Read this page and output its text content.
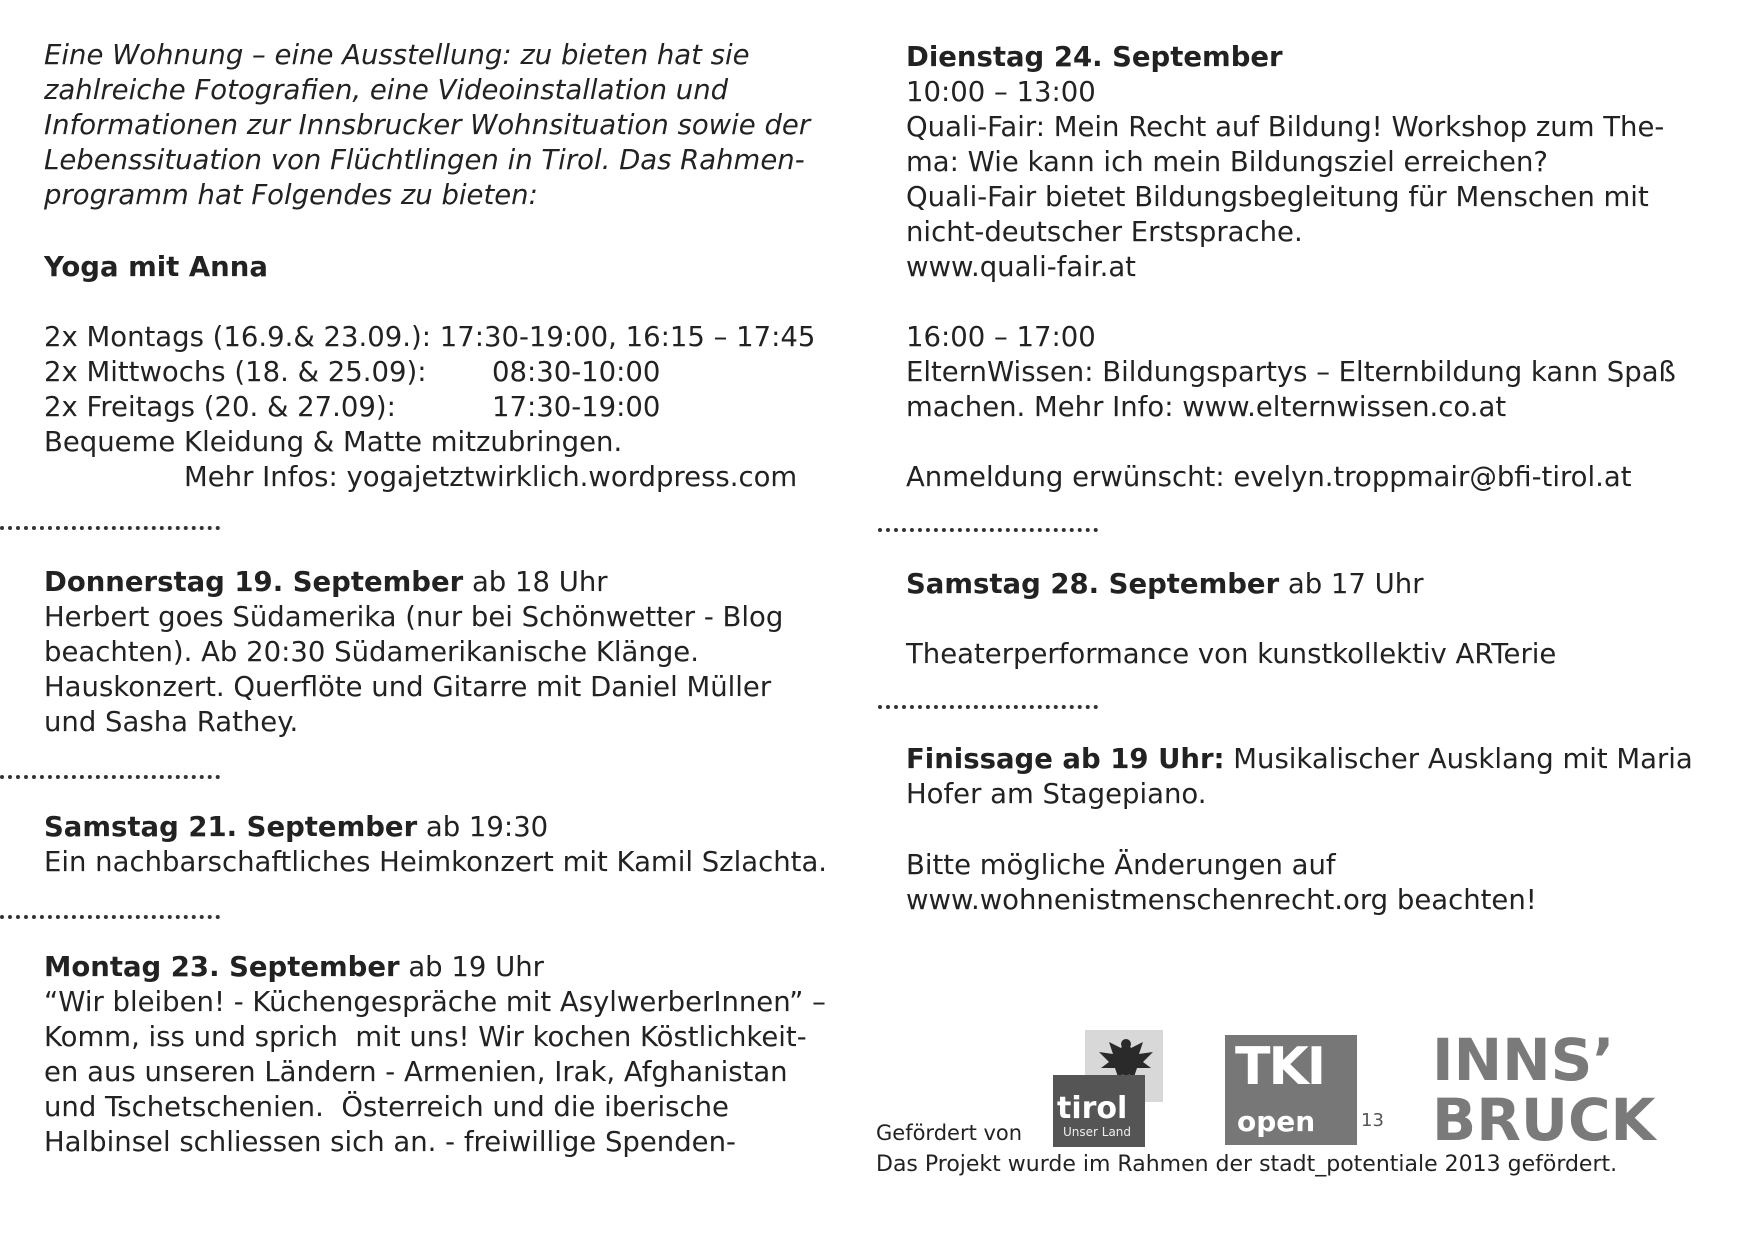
Eine Wohnung – eine Ausstellung: zu bieten hat sie
zahlreiche Fotografien, eine Videoinstallation und
Informationen zur Innsbrucker Wohnsituation sowie der
Lebenssituation von Flüchtlingen in Tirol. Das Rahmen-
programm hat Folgendes zu bieten:
Yoga mit Anna

2x Montags (16.9.& 23.09.): 17:30-19:00, 16:15 – 17:45

2x Mittwochs (18. & 25.09):

08:30-10:00

2x Freitags (20. & 27.09):

	17:30-19:00

Bequeme Kleidung & Matte mitzubringen.
Mehr Infos: yogajetztwirklich.wordpress.com
Donnerstag 19. September ab 18 Uhr
Herbert goes Südamerika (nur bei Schönwetter - Blog
beachten). Ab 20:30 Südamerikanische Klänge.
Hauskonzert. Querflöte und Gitarre mit Daniel Müller
und Sasha Rathey.
Samstag 21. September ab 19:30
Ein nachbarschaftliches Heimkonzert mit Kamil Szlachta.
Montag 23. September ab 19 Uhr
“Wir bleiben! - Küchengespräche mit AsylwerberInnen” –
Komm, iss und sprich  mit uns! Wir kochen Köstlichkeit-
en aus unseren Ländern - Armenien, Irak, Afghanistan
und Tschetschenien.  Österreich und die iberische
Halbinsel schliessen sich an. - freiwillige Spenden-
Dienstag 24. September
10:00 – 13:00
Quali-Fair: Mein Recht auf Bildung! Workshop zum The-
ma: Wie kann ich mein Bildungsziel erreichen?
Quali-Fair bietet Bildungsbegleitung für Menschen mit
nicht-deutscher Erstsprache.
www.quali-fair.at
16:00 – 17:00
ElternWissen: Bildungspartys – Elternbildung kann Spaß
machen. Mehr Info: www.elternwissen.co.at
Anmeldung erwünscht: evelyn.troppmair@bfi-tirol.at
Samstag 28. September ab 17 Uhr
Theaterperformance von kunstkollektiv ARTerie
Finissage ab 19 Uhr: Musikalischer Ausklang mit Maria
Hofer am Stagepiano.
Bitte mögliche Änderungen auf
www.wohnenistmenschenrecht.org beachten!
Gefördert von
tirol
Unser Land
TKI
open	13
INNS’
BRUCK
Das Projekt wurde im Rahmen der stadt_potentiale 2013 gefördert.
